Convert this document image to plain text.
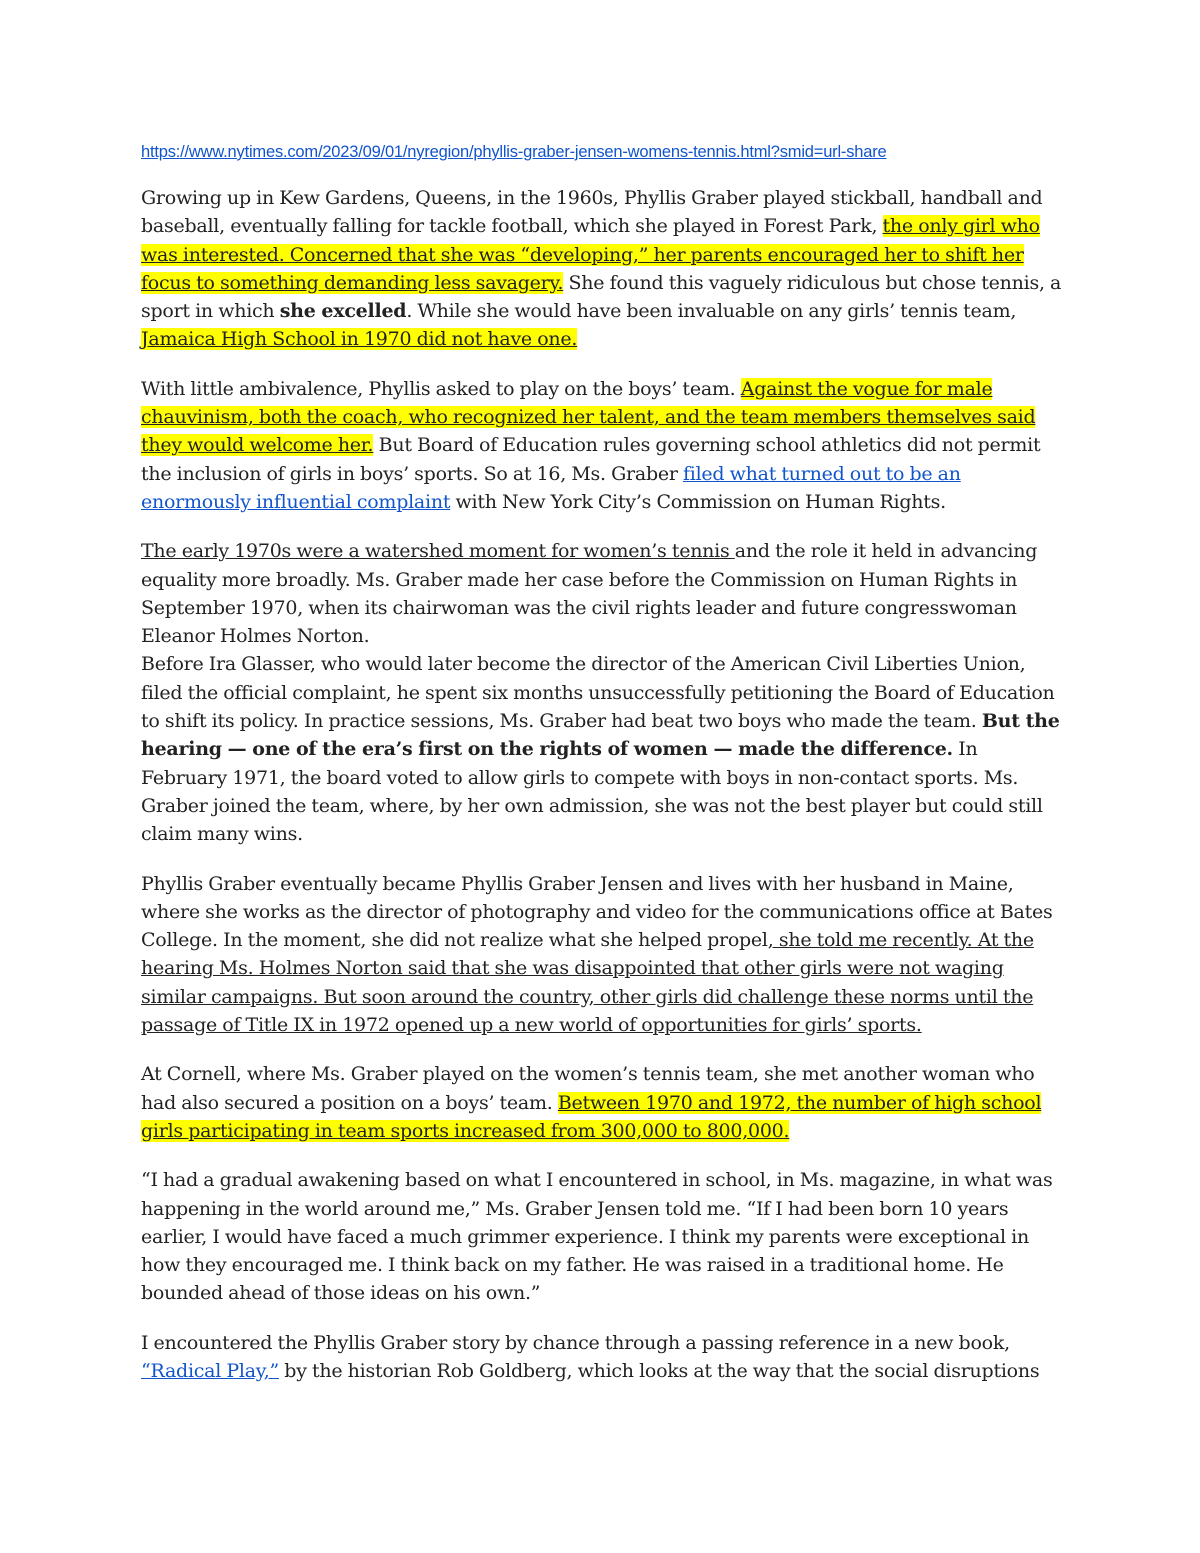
https://www.nytimes.com/2023/09/01/nyregion/phyllis-graber-jensen-womens-tennis.html?smid=url-share

Growing up in Kew Gardens, Queens, in the 1960s, Phyllis Graber played stickball, handball and baseball, eventually falling for tackle football, which she played in Forest Park, the only girl who was interested. Concerned that she was “developing,” her parents encouraged her to shift her focus to something demanding less savagery. She found this vaguely ridiculous but chose tennis, a sport in which she excelled. While she would have been invaluable on any girls’ tennis team, Jamaica High School in 1970 did not have one.

With little ambivalence, Phyllis asked to play on the boys’ team. Against the vogue for male chauvinism, both the coach, who recognized her talent, and the team members themselves said they would welcome her. But Board of Education rules governing school athletics did not permit the inclusion of girls in boys’ sports. So at 16, Ms. Graber filed what turned out to be an enormously influential complaint with New York City’s Commission on Human Rights.

The early 1970s were a watershed moment for women’s tennis and the role it held in advancing equality more broadly. Ms. Graber made her case before the Commission on Human Rights in September 1970, when its chairwoman was the civil rights leader and future congresswoman Eleanor Holmes Norton.

Before Ira Glasser, who would later become the director of the American Civil Liberties Union, filed the official complaint, he spent six months unsuccessfully petitioning the Board of Education to shift its policy. In practice sessions, Ms. Graber had beat two boys who made the team. But the hearing — one of the era’s first on the rights of women — made the difference. In February 1971, the board voted to allow girls to compete with boys in non-contact sports. Ms. Graber joined the team, where, by her own admission, she was not the best player but could still claim many wins.

Phyllis Graber eventually became Phyllis Graber Jensen and lives with her husband in Maine, where she works as the director of photography and video for the communications office at Bates College. In the moment, she did not realize what she helped propel, she told me recently. At the hearing Ms. Holmes Norton said that she was disappointed that other girls were not waging similar campaigns. But soon around the country, other girls did challenge these norms until the passage of Title IX in 1972 opened up a new world of opportunities for girls’ sports.

At Cornell, where Ms. Graber played on the women’s tennis team, she met another woman who had also secured a position on a boys’ team. Between 1970 and 1972, the number of high school girls participating in team sports increased from 300,000 to 800,000.

“I had a gradual awakening based on what I encountered in school, in Ms. magazine, in what was happening in the world around me,” Ms. Graber Jensen told me. “If I had been born 10 years earlier, I would have faced a much grimmer experience. I think my parents were exceptional in how they encouraged me. I think back on my father. He was raised in a traditional home. He bounded ahead of those ideas on his own.”

I encountered the Phyllis Graber story by chance through a passing reference in a new book, “Radical Play,” by the historian Rob Goldberg, which looks at the way that the social disruptions
